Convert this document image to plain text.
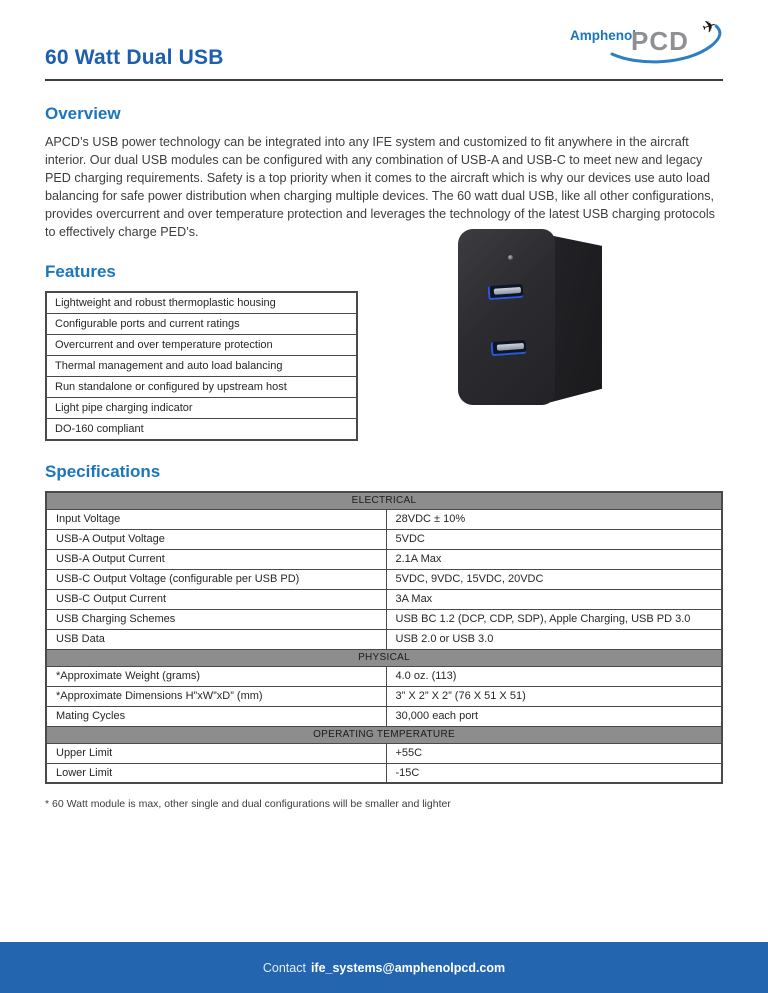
Amphenol
PCD ✈
60 Watt Dual USB
Overview

APCD’s USB power technology can be integrated into any IFE system and customized to fit anywhere in the aircraft interior. Our dual USB modules can be configured with any combination of USB-A and USB-C to meet new and legacy PED charging requirements. Safety is a top priority when it comes to the aircraft which is why our devices use auto load balancing for safe power distribution when charging multiple devices. The 60 watt dual USB, like all other configurations, provides overcurrent and over temperature protection and leverages the technology of the latest USB charging protocols to effectively charge PED’s.

Features
Lightweight and robust thermoplastic housing
Configurable ports and current ratings
Overcurrent and over temperature protection
Thermal management and auto load balancing
Run standalone or configured by upstream host
Light pipe charging indicator
DO-160 compliant
Specifications
ELECTRICAL	
Input Voltage	28VDC ± 10%
USB-A Output Voltage	5VDC
USB-A Output Current	2.1A Max
USB-C Output Voltage (configurable per USB PD)	5VDC, 9VDC, 15VDC, 20VDC
USB-C Output Current	3A Max
USB Charging Schemes	USB BC 1.2 (DCP, CDP, SDP), Apple Charging, USB PD 3.0
USB Data	USB 2.0 or USB 3.0
PHYSICAL	
*Approximate Weight (grams)	4.0 oz. (113)
*Approximate Dimensions H”xW”xD” (mm)	3” X 2” X 2” (76 X 51 X 51)
Mating Cycles	30,000 each port
OPERATING TEMPERATURE	
Upper Limit	+55C
Lower Limit	-15C
* 60 Watt module is max, other single and dual configurations will be smaller and lighter
Contact ife_systems@amphenolpcd.com
